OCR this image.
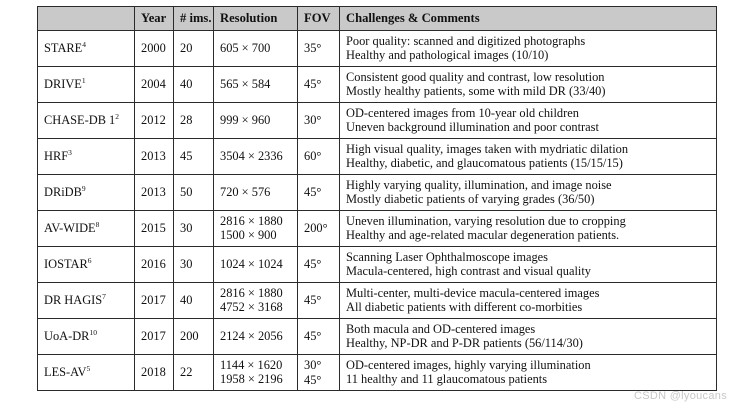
	Year	# ims.	Resolution	FOV	Challenges & Comments
STARE$^4$	2000	20	605 × 700	35°	Poor quality: scanned and digitized photographs
Healthy and pathological images (10/10)

DRIVE$^1$	2004	40	565 × 584	45°	Consistent good quality and contrast, low resolution
Mostly healthy patients, some with mild DR (33/40)

CHASE-DB $1^2$	2012	28	999 × 960	30°	OD-centered images from 10-year old children
Uneven background illumination and poor contrast

HRF$^3$	2013	45	3504 × 2336	60°	High visual quality, images taken with mydriatic dilation
Healthy, diabetic, and glaucomatous patients (15/15/15)

DRiDB$^9$	2013	50	720 × 576	45°	Highly varying quality, illumination, and image noise
Mostly diabetic patients of varying grades (36/50)

AV-WIDE$^8$	2015	30	2816 × 1880
1500 × 900	200°	Uneven illumination, varying resolution due to cropping
Healthy and age-related macular degeneration patients.

IOSTAR$^6$	2016	30	1024 × 1024	45°	Scanning Laser Ophthalmoscope images
Macula-centered, high contrast and visual quality

DR HAGIS$^7$	2017	40	2816 × 1880
4752 × 3168	45°	Multi-center, multi-device macula-centered images
All diabetic patients with different co-morbities

UoA-DR$^{10}$	2017	200	2124 × 2056	45°	Both macula and OD-centered images
Healthy, NP-DR and P-DR patients (56/114/30)

LES-$AV^5$	2018	22	1144 × 1620
1958 × 2196	30°
45°	OD-centered images, highly varying illumination
11 healthy and 11 glaucomatous patients
CSDN @lyoucans
